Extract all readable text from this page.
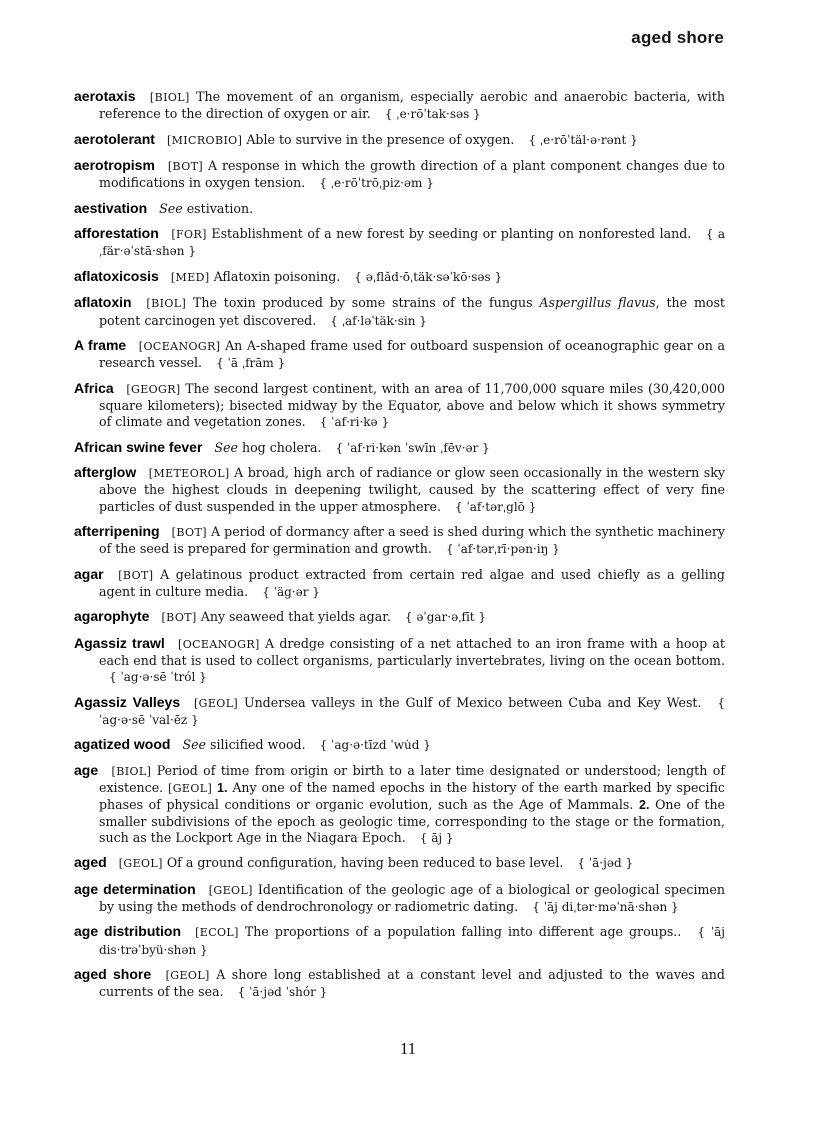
aged shore

aerotaxis [BIOL] The movement of an organism, especially aerobic and anaerobic bacteria, with reference to the direction of oxygen or air. { ˌe·rōˈtak·səs }

aerotolerant [MICROBIO] Able to survive in the presence of oxygen. { ˌe·rōˈtäl·ə·rənt }

aerotropism [BOT] A response in which the growth direction of a plant component changes due to modifications in oxygen tension. { ˌe·rōˈtrōˌpiz·əm }

aestivation See estivation.

afforestation [FOR] Establishment of a new forest by seeding or planting on nonforested land. { aˌfär·əˈstā·shən }

aflatoxicosis [MED] Aflatoxin poisoning. { əˌflăd·ōˌtäk·səˈkō·səs }

aflatoxin [BIOL] The toxin produced by some strains of the fungus Aspergillus flavus, the most potent carcinogen yet discovered. { ˌaf·ləˈtäk·sin }

A frame [OCEANOGR] An A-shaped frame used for outboard suspension of oceanographic gear on a research vessel. { ˈā ˌfrām }

Africa [GEOGR] The second largest continent, with an area of 11,700,000 square miles (30,420,000 square kilometers); bisected midway by the Equator, above and below which it shows symmetry of climate and vegetation zones. { ˈaf·ri·kə }

African swine fever See hog cholera. { ˈaf·ri·kən ˈswīn ˌfēv·ər }

afterglow [METEOROL] A broad, high arch of radiance or glow seen occasionally in the western sky above the highest clouds in deepening twilight, caused by the scattering effect of very fine particles of dust suspended in the upper atmosphere. { ˈaf·tərˌglō }

afterripening [BOT] A period of dormancy after a seed is shed during which the synthetic machinery of the seed is prepared for germination and growth. { ˈaf·tərˌrī·pən·iŋ }

agar [BOT] A gelatinous product extracted from certain red algae and used chiefly as a gelling agent in culture media. { ˈäg·ər }

agarophyte [BOT] Any seaweed that yields agar. { əˈgar·əˌfīt }

Agassiz trawl [OCEANOGR] A dredge consisting of a net attached to an iron frame with a hoop at each end that is used to collect organisms, particularly invertebrates, living on the ocean bottom. { ˈag·ə·sē ˈtról }

Agassiz Valleys [GEOL] Undersea valleys in the Gulf of Mexico between Cuba and Key West. { ˈag·ə·sē ˈval·ēz }

agatized wood See silicified wood. { ˈag·ə·tīzd ˈwu̇d }

age [BIOL] Period of time from origin or birth to a later time designated or understood; length of existence. [GEOL] 1. Any one of the named epochs in the history of the earth marked by specific phases of physical conditions or organic evolution, such as the Age of Mammals. 2. One of the smaller subdivisions of the epoch as geologic time, corresponding to the stage or the formation, such as the Lockport Age in the Niagara Epoch. { āj }

aged [GEOL] Of a ground configuration, having been reduced to base level. { ˈā·jəd }

age determination [GEOL] Identification of the geologic age of a biological or geological specimen by using the methods of dendrochronology or radiometric dating. { ˈāj diˌtər·məˈnā·shən }

age distribution [ECOL] The proportions of a population falling into different age groups.. { ˈāj dis·trəˈbyü·shən }

aged shore [GEOL] A shore long established at a constant level and adjusted to the waves and currents of the sea. { ˈā·jəd ˈshór }

11
